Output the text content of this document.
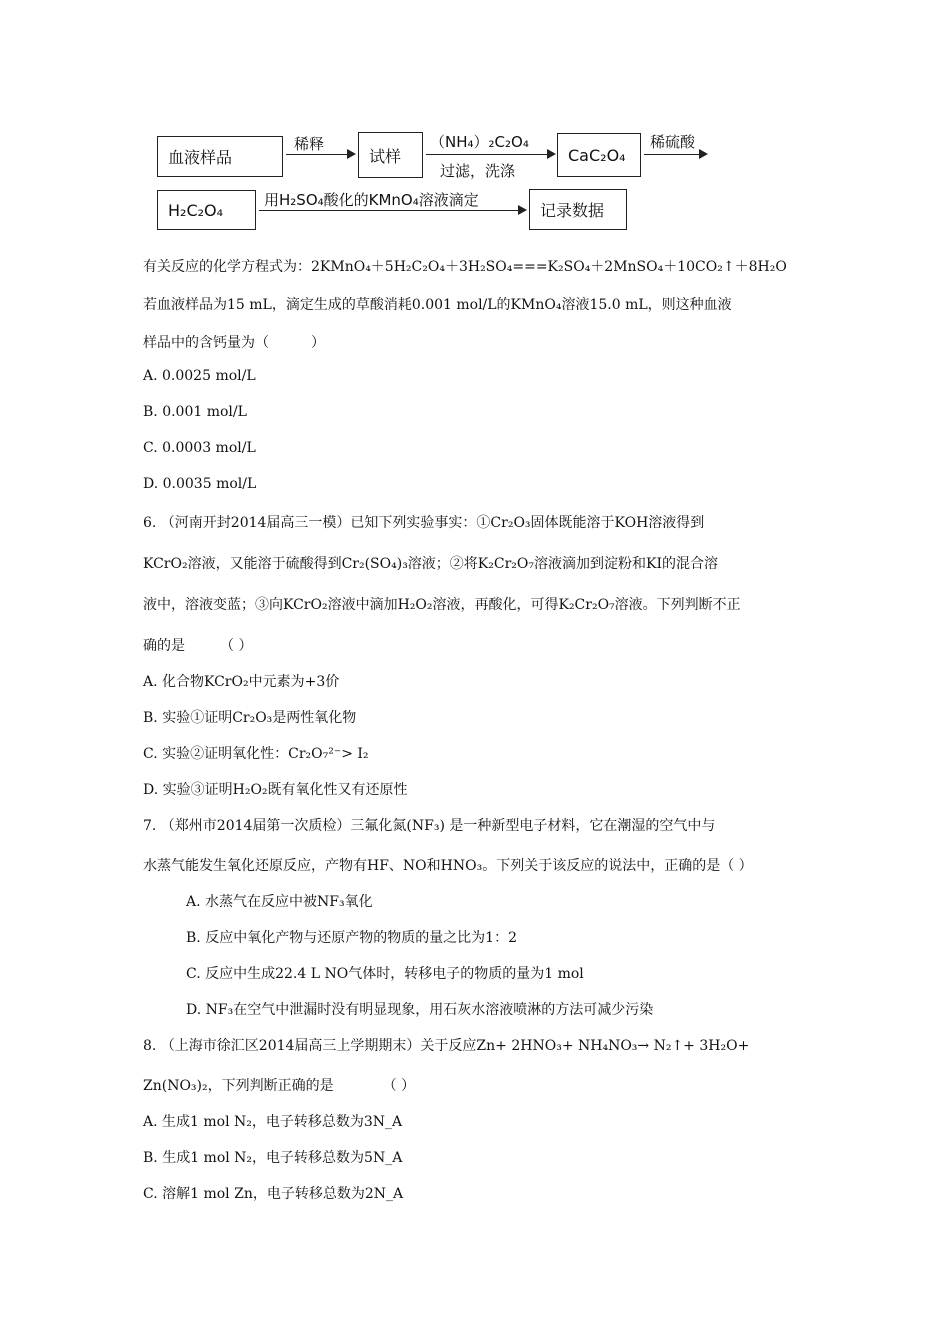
血液样品
稀释
试样
（NH₄）₂C₂O₄
过滤，洗涤
CaC₂O₄
稀硫酸
H₂C₂O₄
用H₂SO₄酸化的KMnO₄溶液滴定
记录数据
有关反应的化学方程式为：2KMnO₄＋5H₂C₂O₄＋3H₂SO₄===K₂SO₄＋2MnSO₄＋10CO₂↑＋8H₂O
若血液样品为15 mL，滴定生成的草酸消耗0.001 mol/L的KMnO₄溶液15.0 mL，则这种血液
样品中的含钙量为（　　　）
A. 0.0025 mol/L
B. 0.001 mol/L
C. 0.0003 mol/L
D. 0.0035 mol/L
6. （河南开封2014届高三一模）已知下列实验事实：①Cr₂O₃固体既能溶于KOH溶液得到
KCrO₂溶液，又能溶于硫酸得到Cr₂(SO₄)₃溶液；②将K₂Cr₂O₇溶液滴加到淀粉和KI的混合溶
液中，溶液变蓝；③向KCrO₂溶液中滴加H₂O₂溶液，再酸化，可得K₂Cr₂O₇溶液。下列判断不正
确的是　　　（ ）
A. 化合物KCrO₂中元素为+3价
B. 实验①证明Cr₂O₃是两性氧化物
C. 实验②证明氧化性：Cr₂O₇²⁻> I₂
D. 实验③证明H₂O₂既有氧化性又有还原性
7. （郑州市2014届第一次质检）三氟化氮(NF₃) 是一种新型电子材料，它在潮湿的空气中与
水蒸气能发生氧化还原反应，产物有HF、NO和HNO₃。下列关于该反应的说法中，正确的是（ ）
A. 水蒸气在反应中被NF₃氧化
B. 反应中氧化产物与还原产物的物质的量之比为1：2
C. 反应中生成22.4 L NO气体时，转移电子的物质的量为1 mol
D. NF₃在空气中泄漏时没有明显现象，用石灰水溶液喷淋的方法可减少污染
8. （上海市徐汇区2014届高三上学期期末）关于反应Zn+ 2HNO₃+ NH₄NO₃→ N₂↑+ 3H₂O+
Zn(NO₃)₂，下列判断正确的是　　　　（ ）
A. 生成1 mol N₂，电子转移总数为3N_A
B. 生成1 mol N₂，电子转移总数为5N_A
C. 溶解1 mol Zn，电子转移总数为2N_A
